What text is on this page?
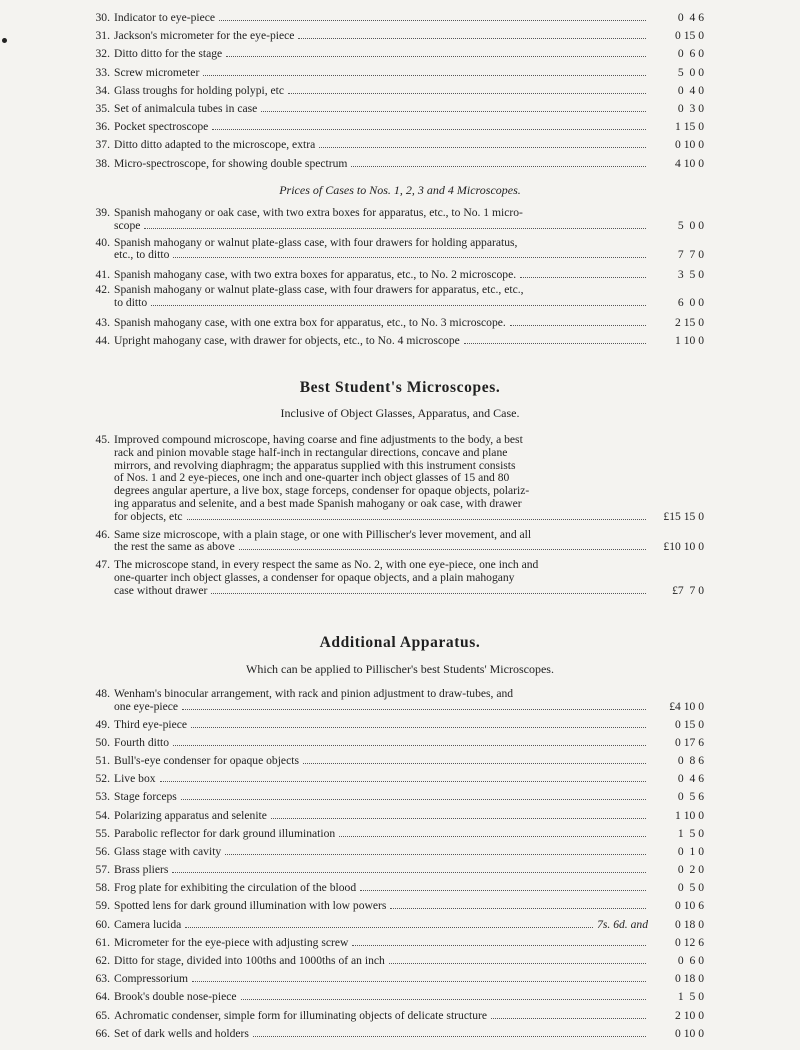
30. Indicator to eye-piece	0  4 6
31. Jackson's micrometer for the eye-piece	0 15 0
32. Ditto ditto for the stage	0  6 0
33. Screw micrometer	5  0 0
34. Glass troughs for holding polypi, etc	0  4 0
35. Set of animalcula tubes in case	0  3 0
36. Pocket spectroscope	1 15 0
37. Ditto ditto adapted to the microscope, extra	0 10 0
38. Micro-spectroscope, for showing double spectrum	4 10 0
Prices of Cases to Nos. 1, 2, 3 and 4 Microscopes.
39. Spanish mahogany or oak case, with two extra boxes for apparatus, etc., to No. 1 micro-
scope	5  0 0
40. Spanish mahogany or walnut plate-glass case, with four drawers for holding apparatus,
etc., to ditto	7  7 0
41. Spanish mahogany case, with two extra boxes for apparatus, etc., to No. 2 microscope.	3  5 0
42. Spanish mahogany or walnut plate-glass case, with four drawers for apparatus, etc., etc.,
to ditto	6  0 0
43. Spanish mahogany case, with one extra box for apparatus, etc., to No. 3 microscope.	2 15 0
44. Upright mahogany case, with drawer for objects, etc., to No. 4 microscope	1 10 0
Best Student's Microscopes.
Inclusive of Object Glasses, Apparatus, and Case.
45. Improved compound microscope, having coarse and fine adjustments to the body, a best
rack and pinion movable stage half-inch in rectangular directions, concave and plane
mirrors, and revolving diaphragm; the apparatus supplied with this instrument consists
of Nos. 1 and 2 eye-pieces, one inch and one-quarter inch object glasses of 15 and 80
degrees angular aperture, a live box, stage forceps, condenser for opaque objects, polariz-
ing apparatus and selenite, and a best made Spanish mahogany or oak case, with drawer
for objects, etc	£15 15 0
46. Same size microscope, with a plain stage, or one with Pillischer's lever movement, and all
the rest the same as above	£10 10 0
47. The microscope stand, in every respect the same as No. 2, with one eye-piece, one inch and
one-quarter inch object glasses, a condenser for opaque objects, and a plain mahogany
case without drawer	£7  7 0
Additional Apparatus.
Which can be applied to Pillischer's best Students' Microscopes.
48. Wenham's binocular arrangement, with rack and pinion adjustment to draw-tubes, and
one eye-piece	£4 10 0
49. Third eye-piece	0 15 0
50. Fourth ditto	0 17 6
51. Bull's-eye condenser for opaque objects	0  8 6
52. Live box	0  4 6
53. Stage forceps	0  5 6
54. Polarizing apparatus and selenite	1 10 0
55. Parabolic reflector for dark ground illumination	1  5 0
56. Glass stage with cavity	0  1 0
57. Brass pliers	0  2 0
58. Frog plate for exhibiting the circulation of the blood	0  5 0
59. Spotted lens for dark ground illumination with low powers	0 10 6
60. Camera lucida	7s. 6d. and	0 18 0
61. Micrometer for the eye-piece with adjusting screw	0 12 6
62. Ditto for stage, divided into 100ths and 1000ths of an inch	0  6 0
63. Compressorium	0 18 0
64. Brook's double nose-piece	1  5 0
65. Achromatic condenser, simple form for illuminating objects of delicate structure	2 10 0
66. Set of dark wells and holders	0 10 0
